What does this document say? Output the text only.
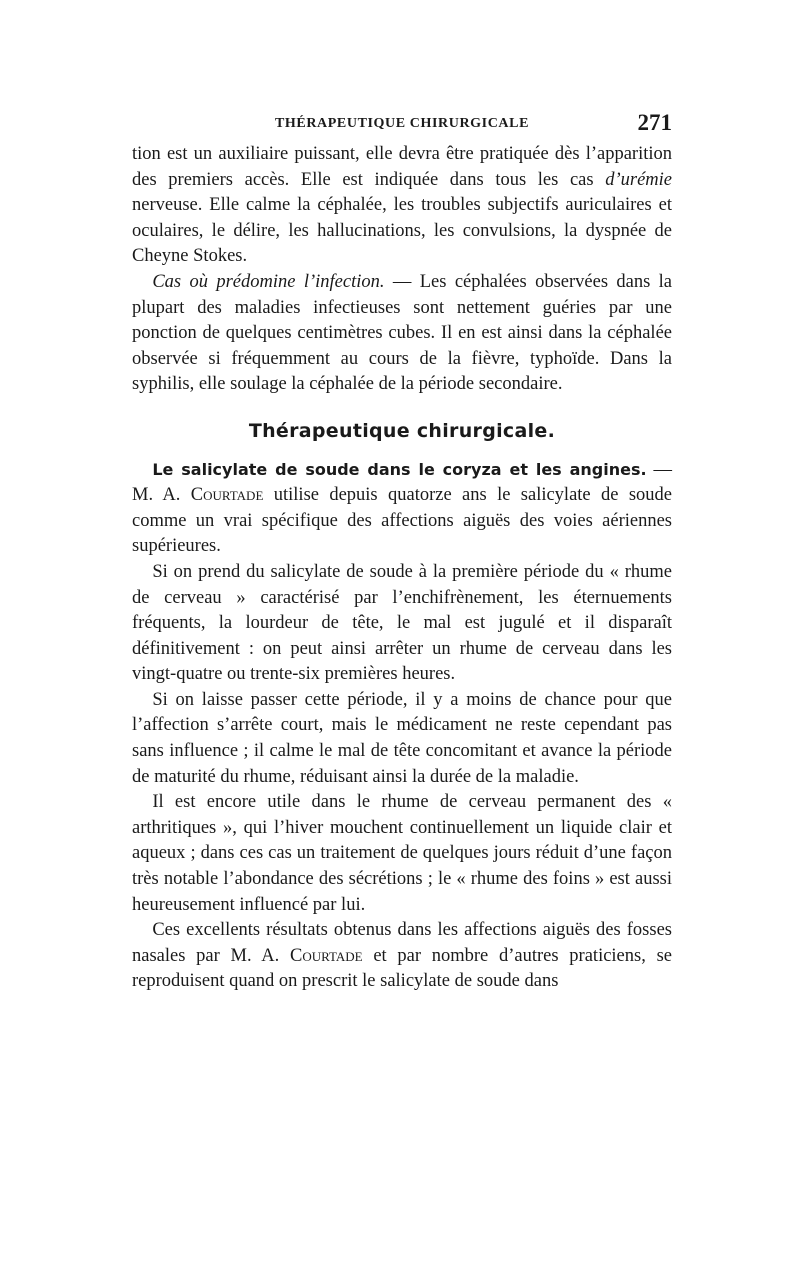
THÉRAPEUTIQUE CHIRURGICALE	271

tion est un auxiliaire puissant, elle devra être pratiquée dès l’apparition des premiers accès. Elle est indiquée dans tous les cas d’urémie nerveuse. Elle calme la céphalée, les troubles subjectifs auriculaires et oculaires, le délire, les hallucinations, les convulsions, la dyspnée de Cheyne Stokes.

Cas où prédomine l’infection. — Les céphalées observées dans la plupart des maladies infectieuses sont nettement guéries par une ponction de quelques centimètres cubes. Il en est ainsi dans la céphalée observée si fréquemment au cours de la fièvre, typhoïde. Dans la syphilis, elle soulage la céphalée de la période secondaire.

Thérapeutique chirurgicale.

Le salicylate de soude dans le coryza et les angines. — M. A. Courtade utilise depuis quatorze ans le salicylate de soude comme un vrai spécifique des affections aiguës des voies aériennes supérieures.

Si on prend du salicylate de soude à la première période du « rhume de cerveau » caractérisé par l’enchifrènement, les éternuements fréquents, la lourdeur de tête, le mal est jugulé et il disparaît définitivement : on peut ainsi arrêter un rhume de cerveau dans les vingt-quatre ou trente-six premières heures.

Si on laisse passer cette période, il y a moins de chance pour que l’affection s’arrête court, mais le médicament ne reste cependant pas sans influence ; il calme le mal de tête concomitant et avance la période de maturité du rhume, réduisant ainsi la durée de la maladie.

Il est encore utile dans le rhume de cerveau permanent des « arthritiques », qui l’hiver mouchent continuellement un liquide clair et aqueux ; dans ces cas un traitement de quelques jours réduit d’une façon très notable l’abondance des sécrétions ; le « rhume des foins » est aussi heureusement influencé par lui.

Ces excellents résultats obtenus dans les affections aiguës des fosses nasales par M. A. Courtade et par nombre d’autres praticiens, se reproduisent quand on prescrit le salicylate de soude dans
